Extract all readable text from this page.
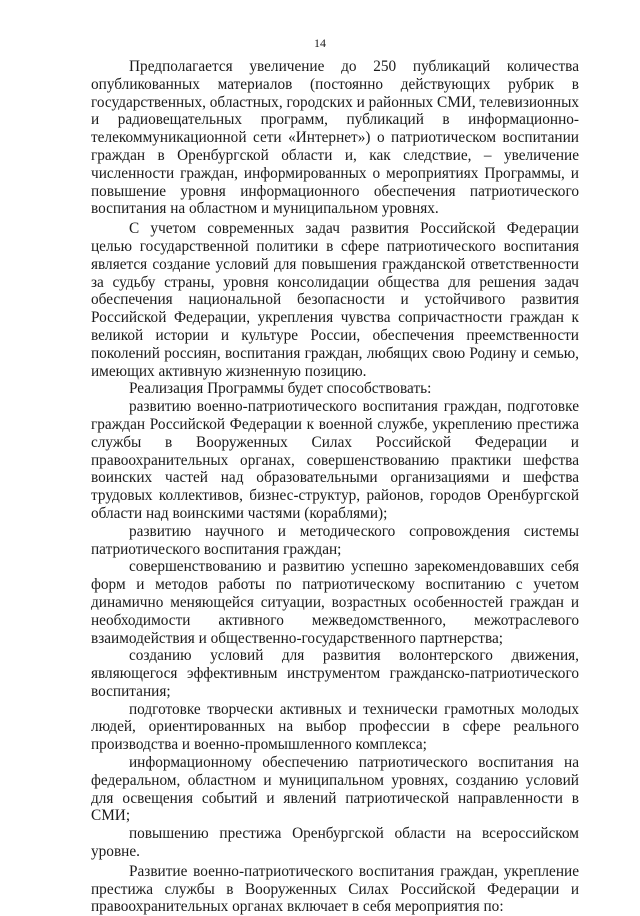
14

Предполагается увеличение до 250 публикаций количества опубликованных материалов (постоянно действующих рубрик в государственных, областных, городских и районных СМИ, телевизионных и радиовещательных программ, публикаций в информационно-телекоммуникационной сети «Интернет») о патриотическом воспитании граждан в Оренбургской области и, как следствие, – увеличение численности граждан, информированных о мероприятиях Программы, и повышение уровня информационного обеспечения патриотического воспитания на областном и муниципальном уровнях.

С учетом современных задач развития Российской Федерации целью государственной политики в сфере патриотического воспитания является создание условий для повышения гражданской ответственности за судьбу страны, уровня консолидации общества для решения задач обеспечения национальной безопасности и устойчивого развития Российской Федерации, укрепления чувства сопричастности граждан к великой истории и культуре России, обеспечения преемственности поколений россиян, воспитания граждан, любящих свою Родину и семью, имеющих активную жизненную позицию.

Реализация Программы будет способствовать:

развитию военно-патриотического воспитания граждан, подготовке граждан Российской Федерации к военной службе, укреплению престижа службы в Вооруженных Силах Российской Федерации и правоохранительных органах, совершенствованию практики шефства воинских частей над образовательными организациями и шефства трудовых коллективов, бизнес-структур, районов, городов Оренбургской области над воинскими частями (кораблями);

развитию научного и методического сопровождения системы патриотического воспитания граждан;

совершенствованию и развитию успешно зарекомендовавших себя форм и методов работы по патриотическому воспитанию с учетом динамично меняющейся ситуации, возрастных особенностей граждан и необходимости активного межведомственного, межотраслевого взаимодействия и общественно-государственного партнерства;

созданию условий для развития волонтерского движения, являющегося эффективным инструментом гражданско-патриотического воспитания;

подготовке творчески активных и технически грамотных молодых людей, ориентированных на выбор профессии в сфере реального производства и военно-промышленного комплекса;

информационному обеспечению патриотического воспитания на федеральном, областном и муниципальном уровнях, созданию условий для освещения событий и явлений патриотической направленности в СМИ;

повышению престижа Оренбургской области на всероссийском уровне.

Развитие военно-патриотического воспитания граждан, укрепление престижа службы в Вооруженных Силах Российской Федерации и правоохранительных органах включает в себя мероприятия по:
